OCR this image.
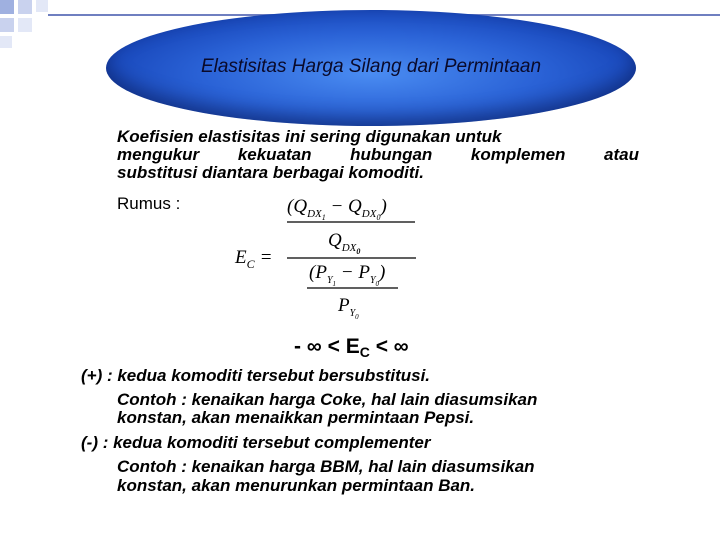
Elastisitas Harga Silang dari Permintaan
Koefisien elastisitas ini sering digunakan untuk
mengukur kekuatan hubungan komplemen atau
substitusi diantara berbagai komoditi.
Rumus :	$(Q_{DX}1 - Q_{DX}0)$
$Q_{DX}0$
$E_C$ =
$(P_Y1 - P_Y0)$
$P_Y0$
- ∞ < $E_C$ < ∞
(+) : kedua komoditi tersebut bersubstitusi.
Contoh : kenaikan harga Coke, hal lain diasumsikan
konstan, akan menaikkan permintaan Pepsi.
(-) : kedua komoditi tersebut complementer
Contoh : kenaikan harga BBM, hal lain diasumsikan
konstan, akan menurunkan permintaan Ban.
